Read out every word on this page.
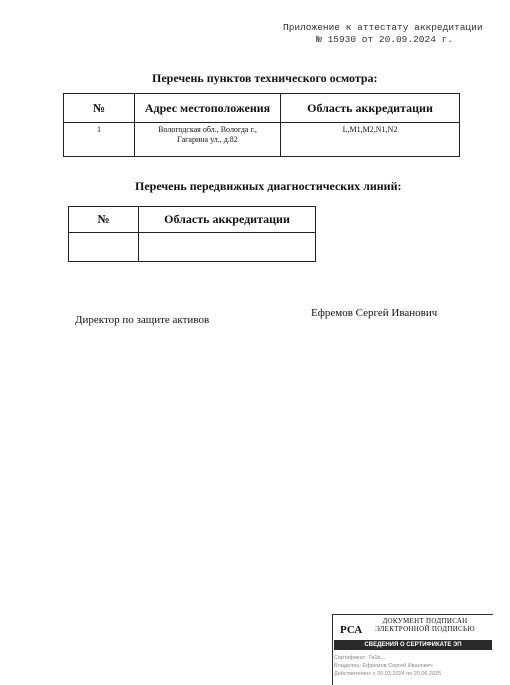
Приложение к аттестату аккредитации
№ 15930 от 20.09.2024 г.
Перечень пунктов технического осмотра:
№	Адрес местоположения	Область аккредитации
1	Вологодская обл., Вологда г., Гагарина ул., д.82	L,M1,M2,N1,N2
Перечень передвижных диагностических линий:
№	Область аккредитации

Директор по защите активов
Ефремов Сергей Иванович
РСА
ДОКУМЕНТ ПОДПИСАН
ЭЛЕКТРОННОЙ ПОДПИСЬЮ
СВЕДЕНИЯ О СЕРТИФИКАТЕ ЭП
Сертификат: 7a1b...
Владелец: Ефремов Сергей Иванович
Действителен: с 20.03.2024 по 20.06.2025
